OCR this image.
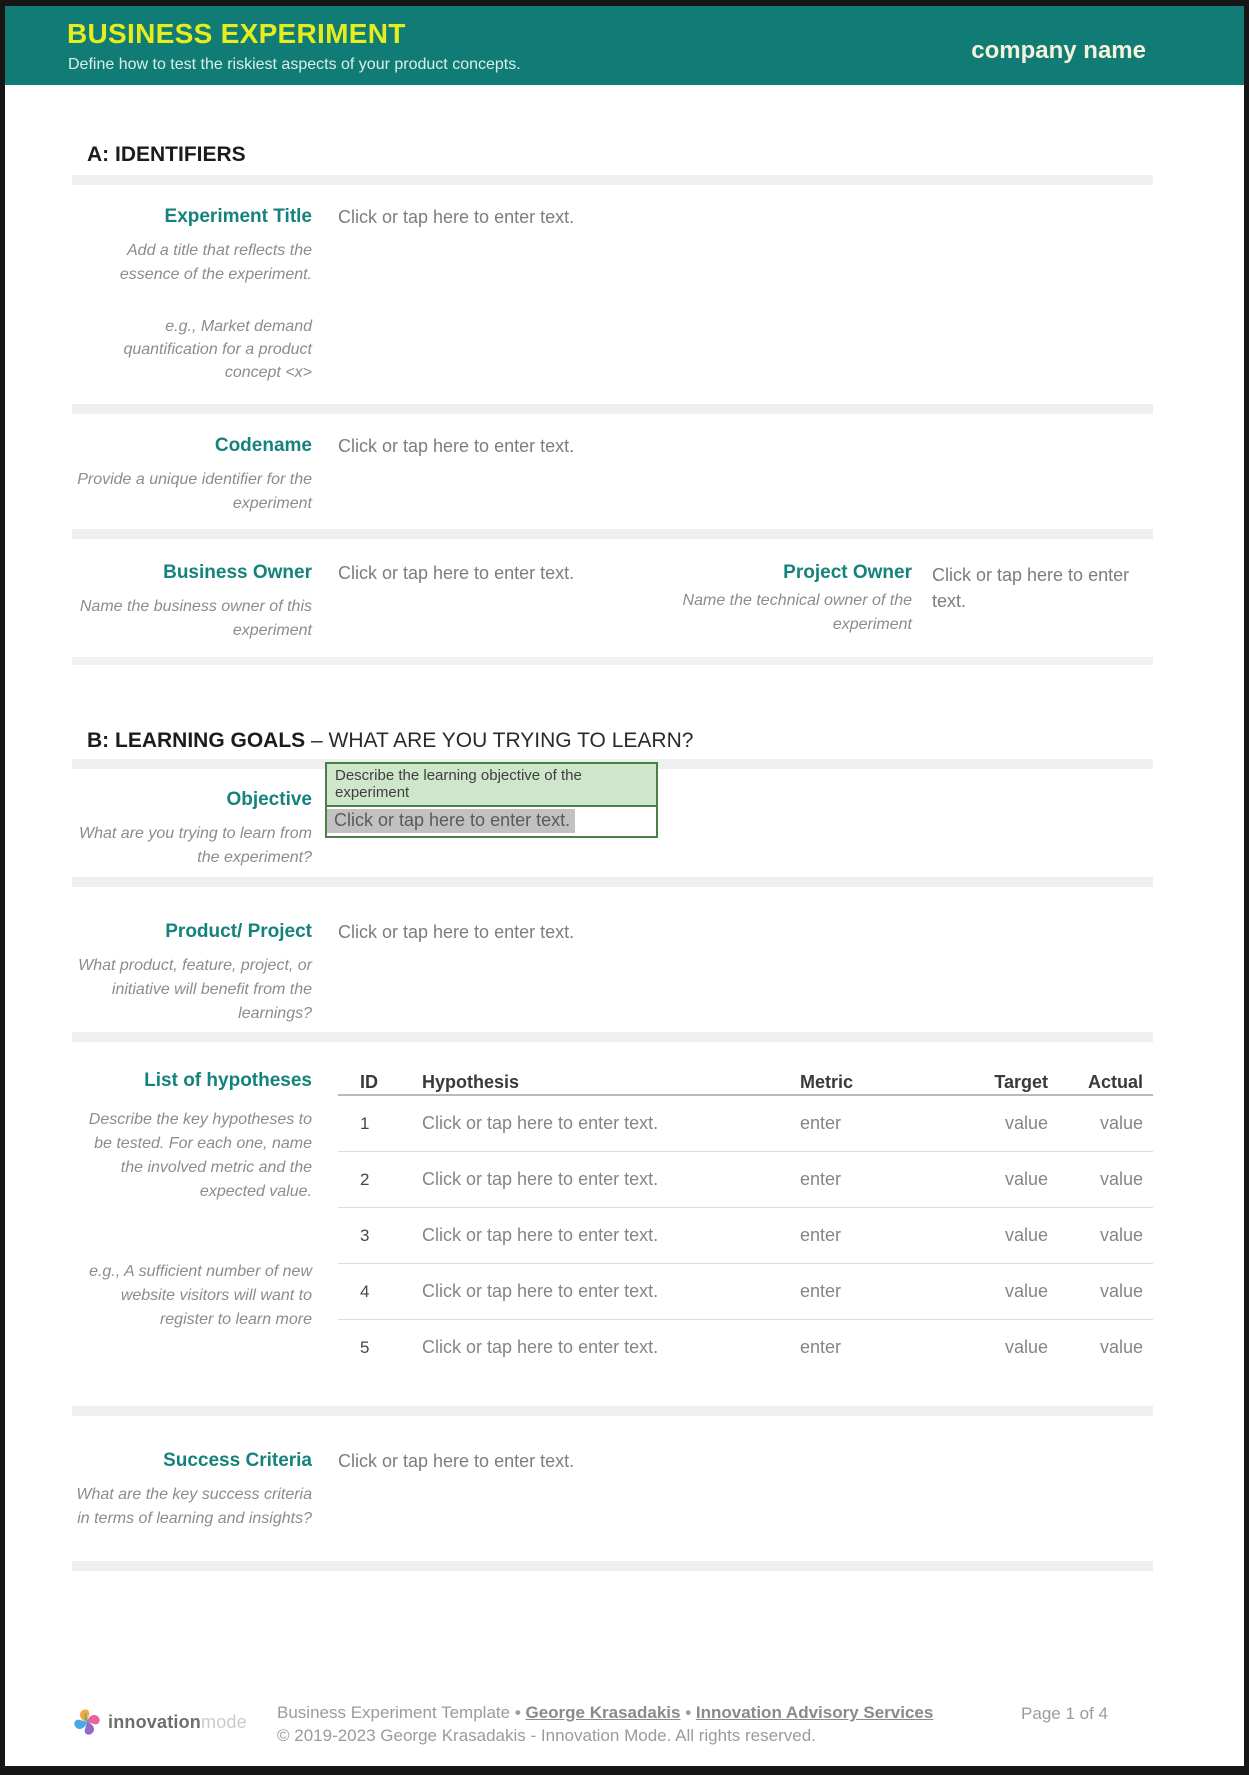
BUSINESS EXPERIMENT
Define how to test the riskiest aspects of your product concepts.
company name
A: IDENTIFIERS
Experiment Title
Add a title that reflects the essence of the experiment.
e.g., Market demand quantification for a product concept <x>
Click or tap here to enter text.
Codename
Provide a unique identifier for the experiment
Click or tap here to enter text.
Business Owner
Name the business owner of this experiment
Click or tap here to enter text.	Project Owner
Name the technical owner of the experiment
Click or tap here to enter text.
B: LEARNING GOALS – WHAT ARE YOU TRYING TO LEARN?
Objective
What are you trying to learn from the experiment?
Describe the learning objective of the experiment
Click or tap here to enter text.
Product/ Project
What product, feature, project, or initiative will benefit from the learnings?
Click or tap here to enter text.
List of hypotheses
Describe the key hypotheses to be tested. For each one, name the involved metric and the expected value.
e.g., A sufficient number of new website visitors will want to register to learn more
ID	Hypothesis	Metric	Target	Actual
1	Click or tap here to enter text.	enter	value	value
2	Click or tap here to enter text.	enter	value	value
3	Click or tap here to enter text.	enter	value	value
4	Click or tap here to enter text.	enter	value	value
5	Click or tap here to enter text.	enter	value	value
Success Criteria
What are the key success criteria in terms of learning and insights?
Click or tap here to enter text.
innovationmode Business Experiment Template • George Krasadakis • Innovation Advisory Services
© 2019-2023 George Krasadakis - Innovation Mode. All rights reserved.
Page 1 of 4
